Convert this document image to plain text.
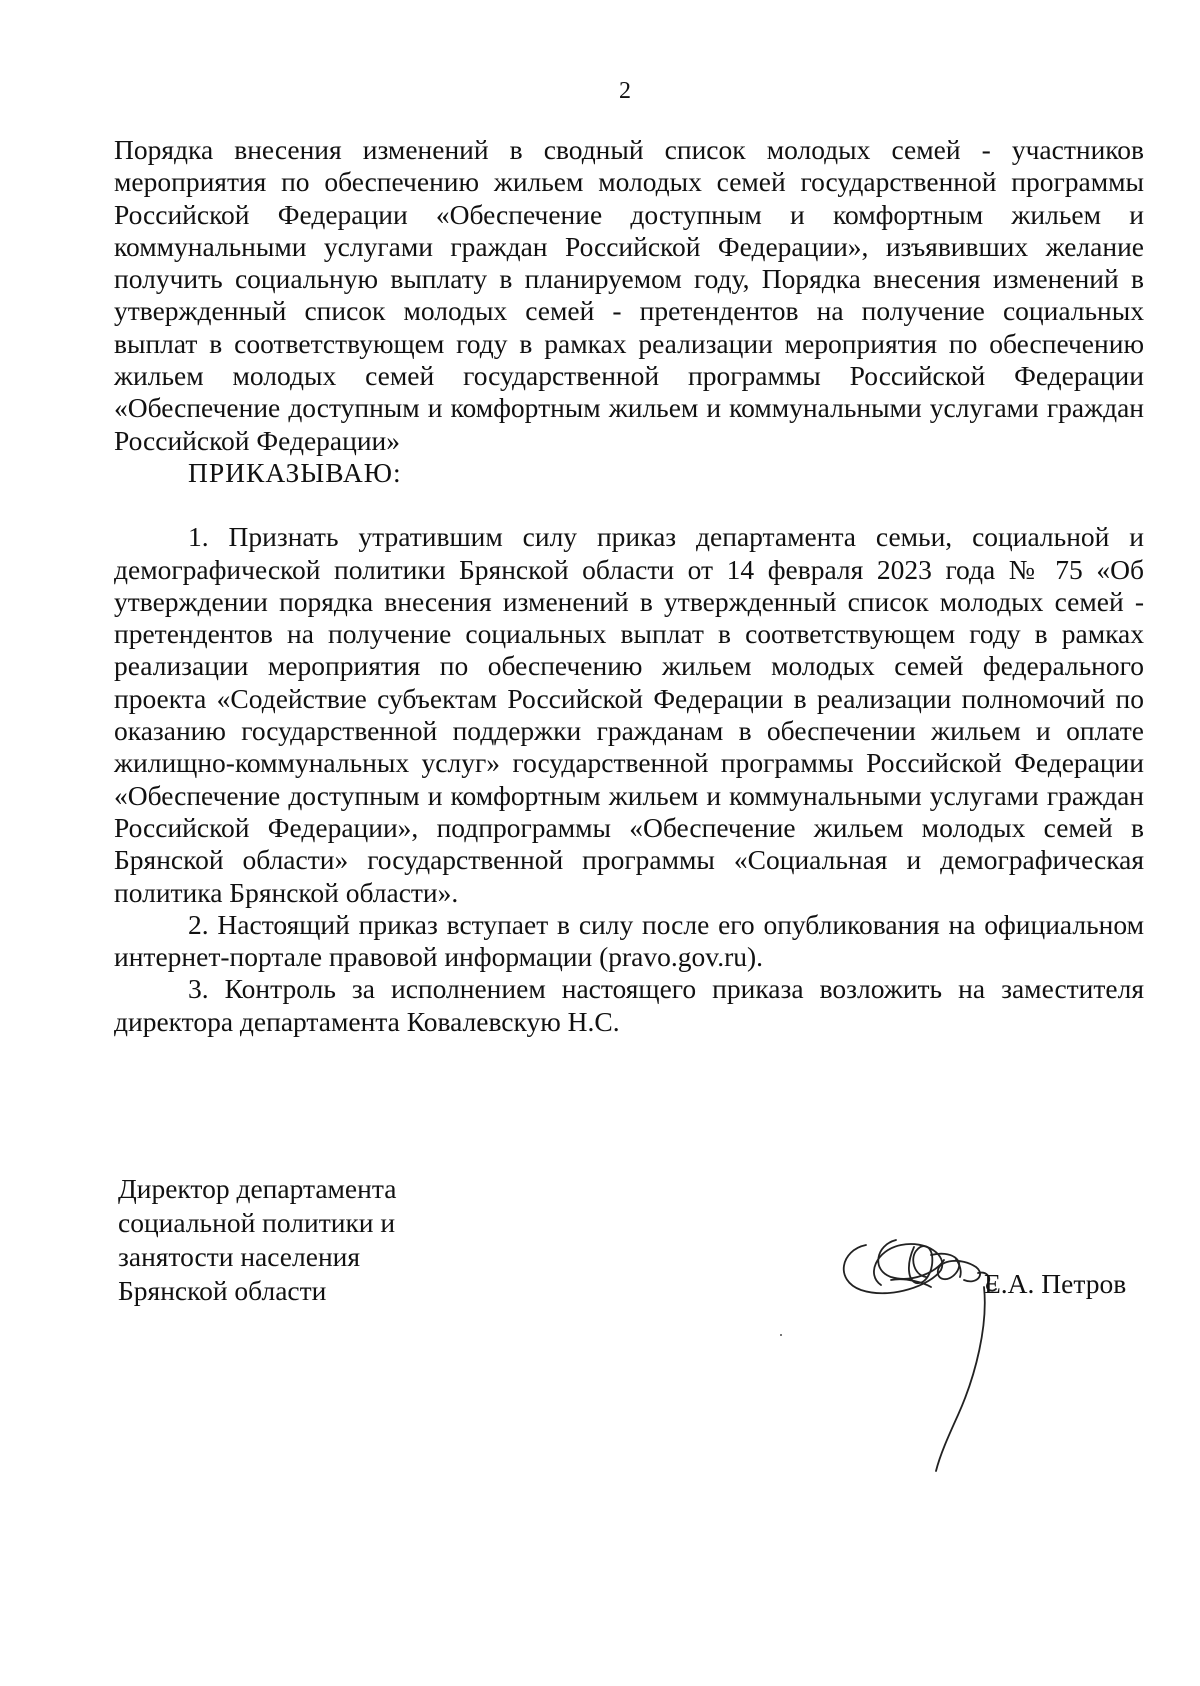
2

Порядка внесения изменений в сводный список молодых семей - участников мероприятия по обеспечению жильем молодых семей государственной программы Российской Федерации «Обеспечение доступным и комфортным жильем и коммунальными услугами граждан Российской Федерации», изъявивших желание получить социальную выплату в планируемом году, Порядка внесения изменений в утвержденный список молодых семей - претендентов на получение социальных выплат в соответствующем году в рамках реализации мероприятия по обеспечению жильем молодых семей государственной программы Российской Федерации «Обеспечение доступным и комфортным жильем и коммунальными услугами граждан Российской Федерации»

ПРИКАЗЫВАЮ:

1. Признать утратившим силу приказ департамента семьи, социальной и демографической политики Брянской области от 14 февраля 2023 года № 75 «Об утверждении порядка внесения изменений в утвержденный список молодых семей - претендентов на получение социальных выплат в соответствующем году в рамках реализации мероприятия по обеспечению жильем молодых семей федерального проекта «Содействие субъектам Российской Федерации в реализации полномочий по оказанию государственной поддержки гражданам в обеспечении жильем и оплате жилищно-коммунальных услуг» государственной программы Российской Федерации «Обеспечение доступным и комфортным жильем и коммунальными услугами граждан Российской Федерации», подпрограммы «Обеспечение жильем молодых семей в Брянской области» государственной программы «Социальная и демографическая политика Брянской области».

2. Настоящий приказ вступает в силу после его опубликования на официальном интернет-портале правовой информации (pravo.gov.ru).

3. Контроль за исполнением настоящего приказа возложить на заместителя директора департамента Ковалевскую Н.С.

Директор департамента
социальной политики и
занятости населения
Брянской области	Е.А. Петров
